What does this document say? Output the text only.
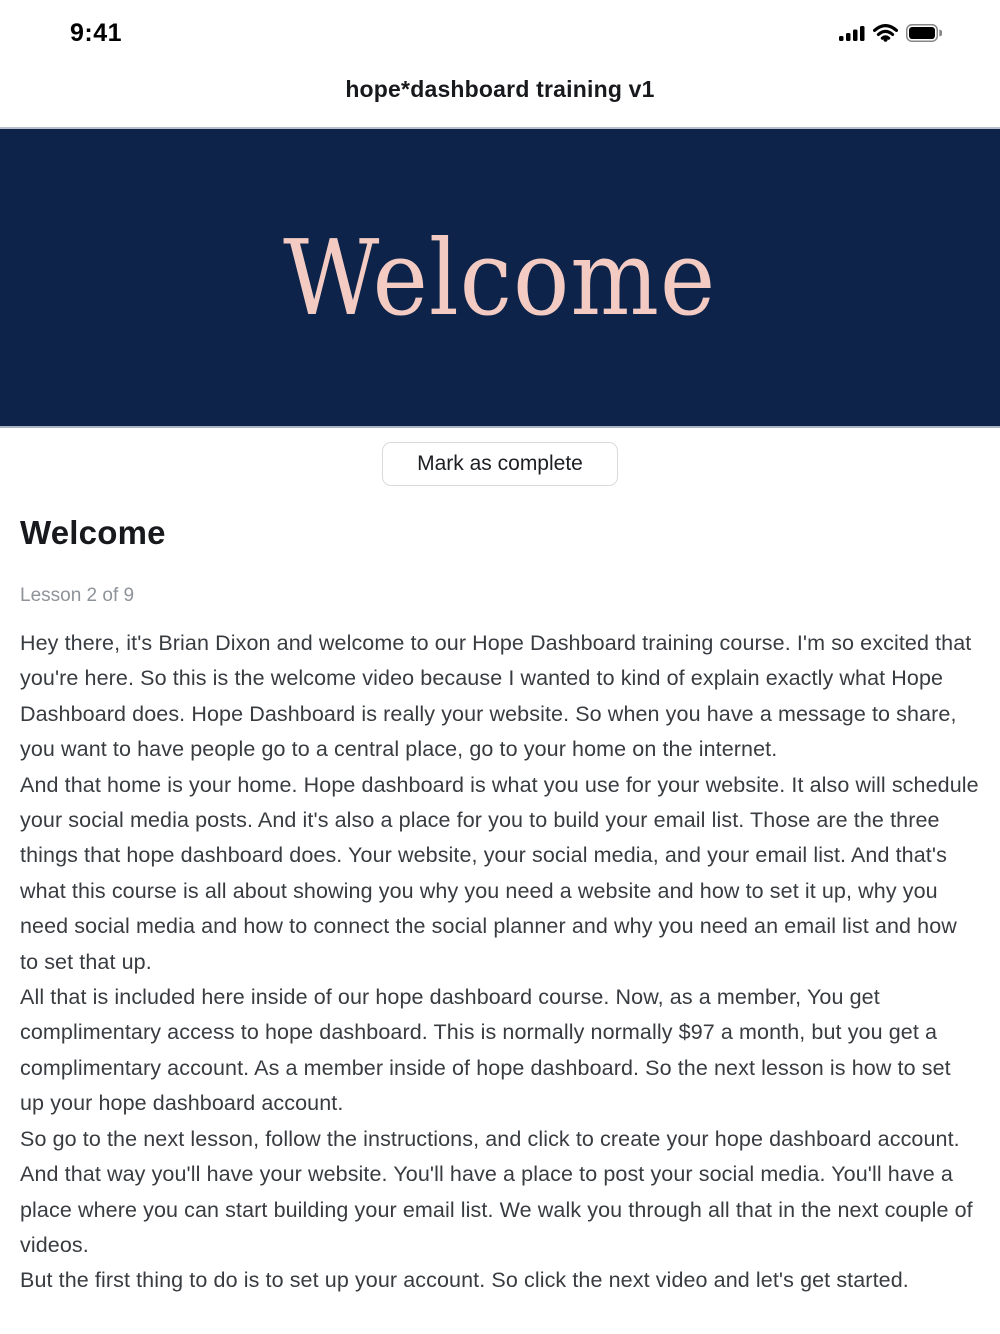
9:41
hope*dashboard training v1
Welcome
Mark as complete
Welcome
Lesson 2 of 9

Hey there, it's Brian Dixon and welcome to our Hope Dashboard training course. I'm so excited that you're here. So this is the welcome video because I wanted to kind of explain exactly what Hope Dashboard does. Hope Dashboard is really your website. So when you have a message to share, you want to have people go to a central place, go to your home on the internet.

And that home is your home. Hope dashboard is what you use for your website. It also will schedule your social media posts. And it's also a place for you to build your email list. Those are the three things that hope dashboard does. Your website, your social media, and your email list. And that's what this course is all about showing you why you need a website and how to set it up, why you need social media and how to connect the social planner and why you need an email list and how to set that up.

All that is included here inside of our hope dashboard course. Now, as a member, You get complimentary access to hope dashboard. This is normally normally $97 a month, but you get a complimentary account. As a member inside of hope dashboard. So the next lesson is how to set up your hope dashboard account.

So go to the next lesson, follow the instructions, and click to create your hope dashboard account. And that way you'll have your website. You'll have a place to post your social media. You'll have a place where you can start building your email list. We walk you through all that in the next couple of videos.

But the first thing to do is to set up your account. So click the next video and let's get started.
